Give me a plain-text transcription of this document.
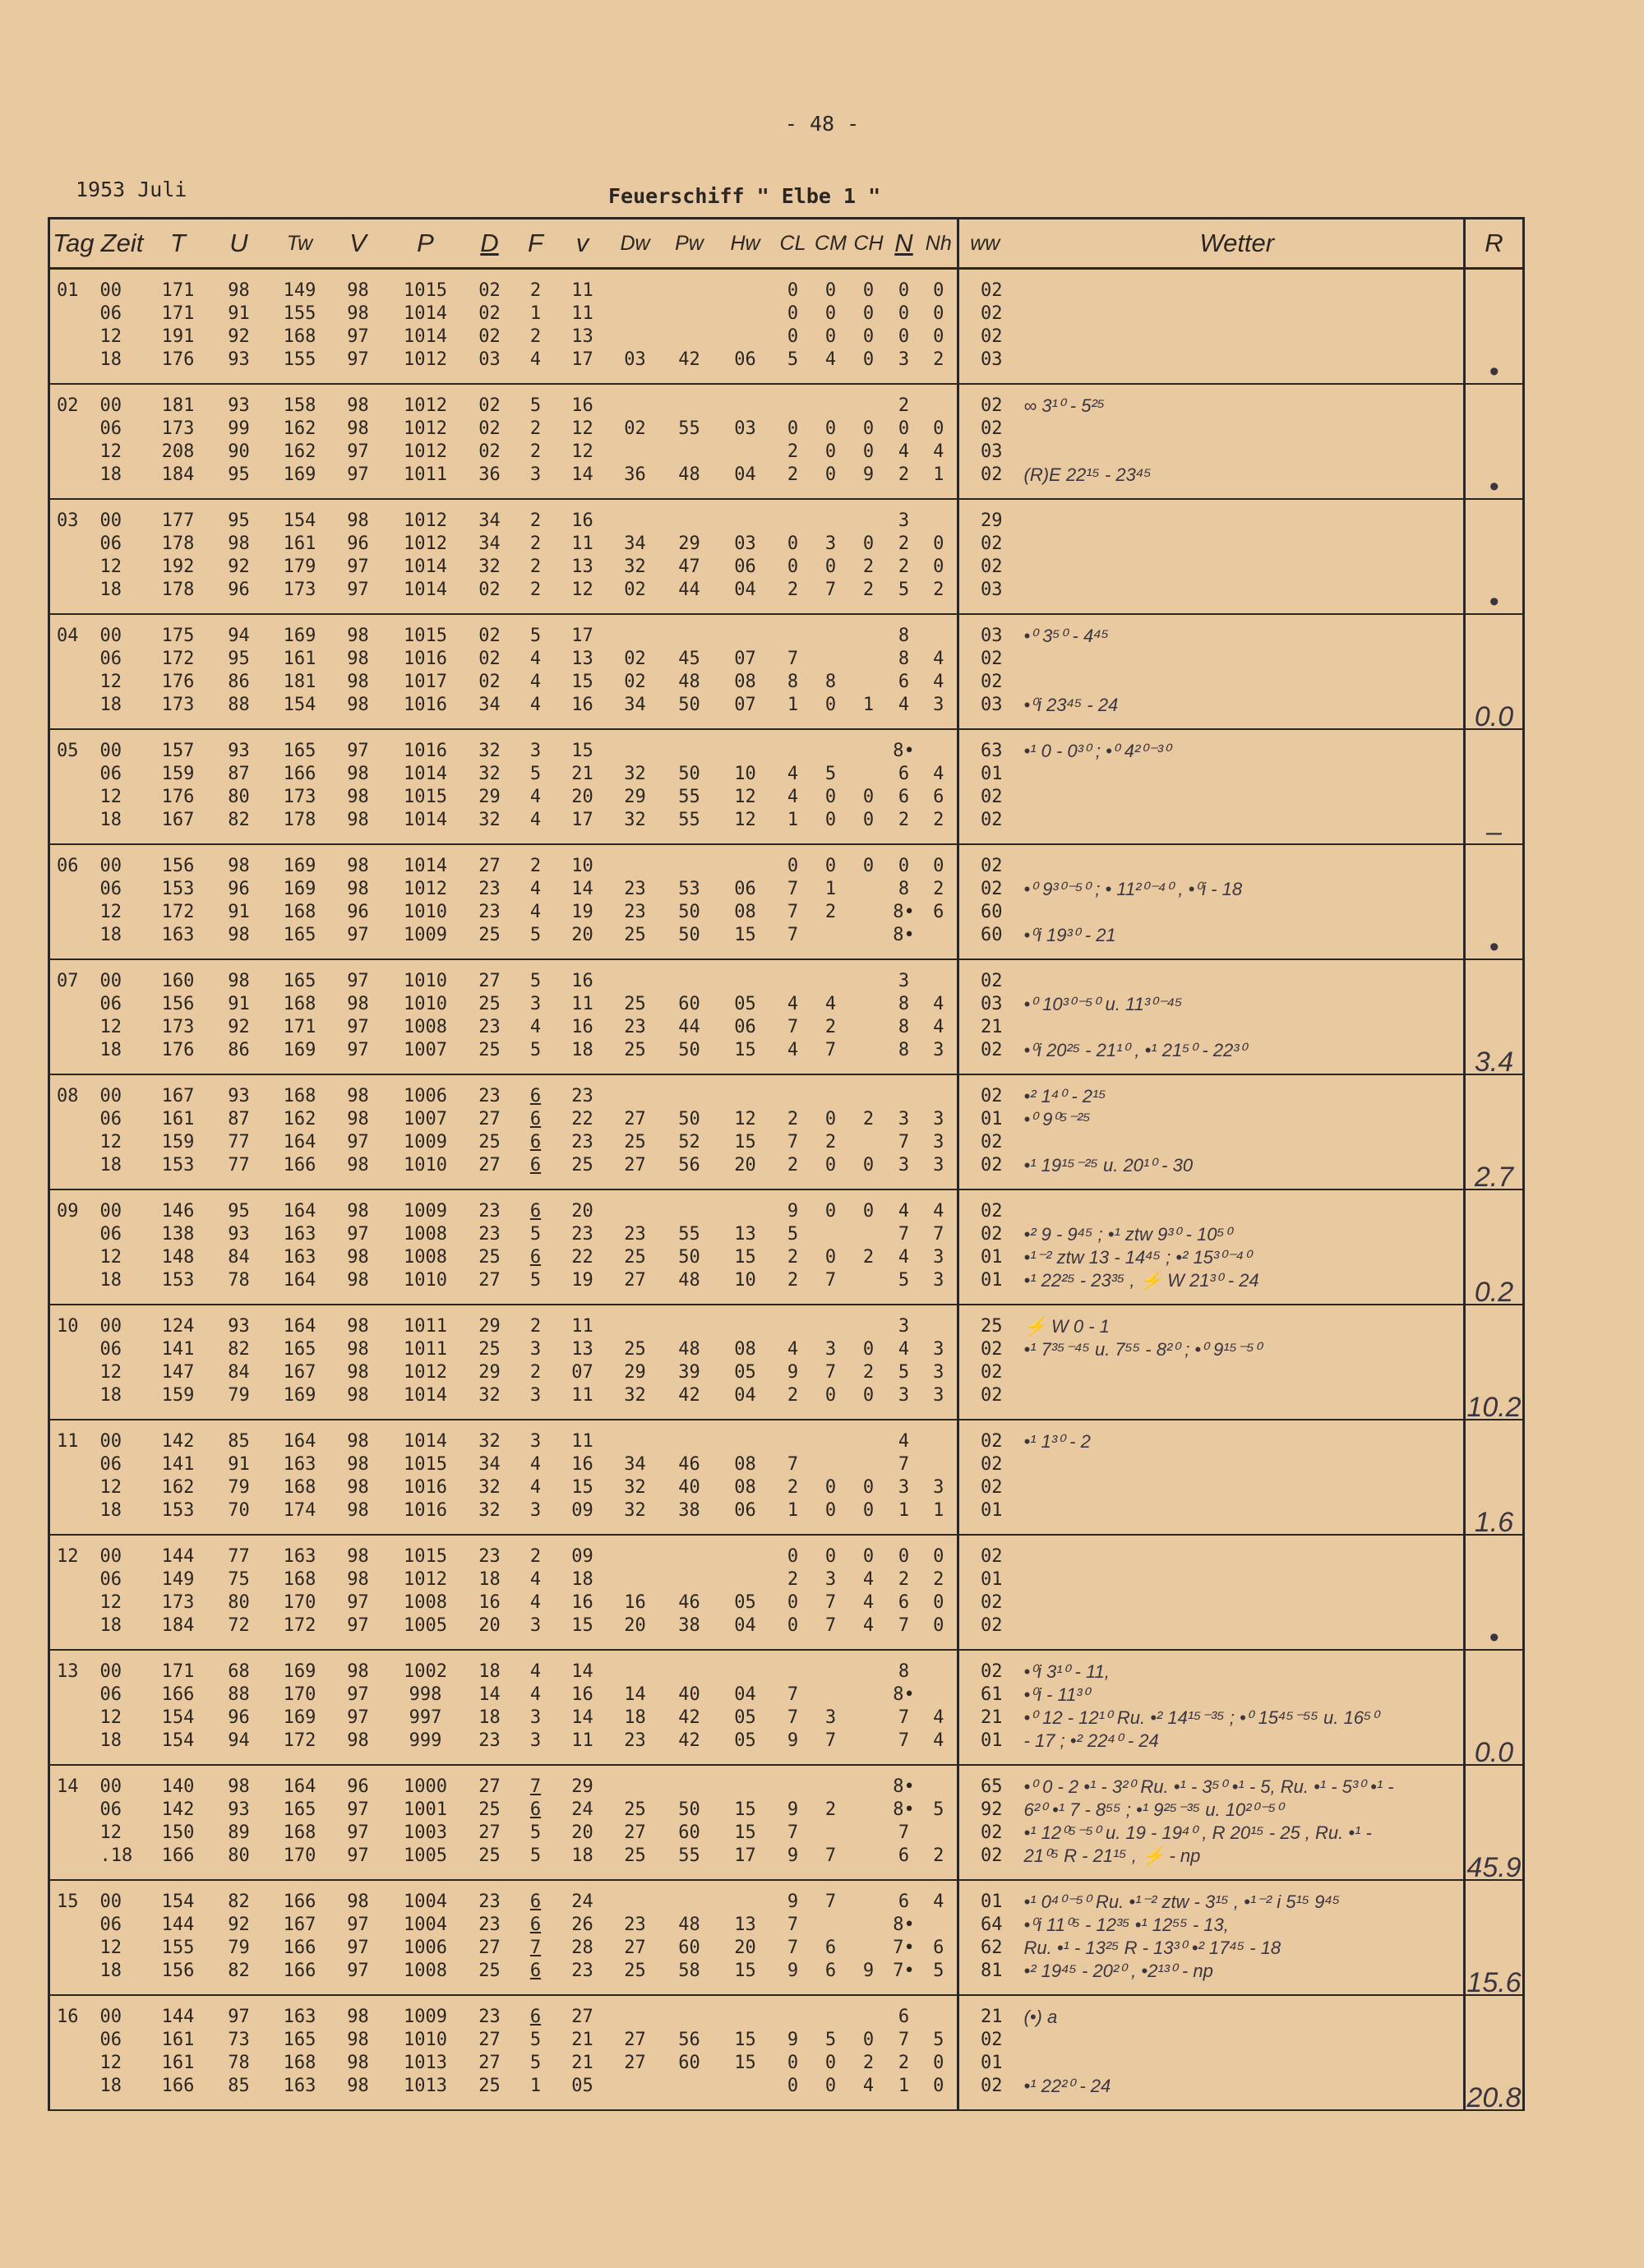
- 48 -
1953 Juli	Feuerschiff " Elbe 1 "
Tag	Zeit	T	U	Tw	V	P	D	F	v	Dw	Pw	Hw	CL	CM	CH	N	Nh	ww	Wetter	R
01	00	171	98	149	98	1015	02	2	11				0	0	0	0	0	02		•
	06	171	91	155	98	1014	02	1	11				0	0	0	0	0	02		
	12	191	92	168	97	1014	02	2	13				0	0	0	0	0	02		
	18	176	93	155	97	1012	03	4	17	03	42	06	5	4	0	3	2	03		
02	00	181	93	158	98	1012	02	5	16							2		02	∞ 3¹⁰ - 5²⁵	•
	06	173	99	162	98	1012	02	2	12	02	55	03	0	0	0	0	0	02		
	12	208	90	162	97	1012	02	2	12				2	0	0	4	4	03		
	18	184	95	169	97	1011	36	3	14	36	48	04	2	0	9	2	1	02	(R)E 22¹⁵ - 23⁴⁵	
03	00	177	95	154	98	1012	34	2	16							3		29		•
	06	178	98	161	96	1012	34	2	11	34	29	03	0	3	0	2	0	02		
	12	192	92	179	97	1014	32	2	13	32	47	06	0	0	2	2	0	02		
	18	178	96	173	97	1014	02	2	12	02	44	04	2	7	2	5	2	03		
04	00	175	94	169	98	1015	02	5	17							8		03	•⁰ 3⁵⁰ - 4⁴⁵	0.0
	06	172	95	161	98	1016	02	4	13	02	45	07	7			8	4	02		
	12	176	86	181	98	1017	02	4	15	02	48	08	8	8		6	4	02		
	18	173	88	154	98	1016	34	4	16	34	50	07	1	0	1	4	3	03	•⁰i 23⁴⁵ - 24	
05	00	157	93	165	97	1016	32	3	15							8•		63	•¹ 0 - 0³⁰ ; •⁰ 4²⁰⁻³⁰	–
	06	159	87	166	98	1014	32	5	21	32	50	10	4	5		6	4	01		
	12	176	80	173	98	1015	29	4	20	29	55	12	4	0	0	6	6	02		
	18	167	82	178	98	1014	32	4	17	32	55	12	1	0	0	2	2	02		
06	00	156	98	169	98	1014	27	2	10				0	0	0	0	0	02		•
	06	153	96	169	98	1012	23	4	14	23	53	06	7	1		8	2	02	•⁰ 9³⁰⁻⁵⁰ ; • 11²⁰⁻⁴⁰ , •⁰i - 18	
	12	172	91	168	96	1010	23	4	19	23	50	08	7	2		8•	6	60		
	18	163	98	165	97	1009	25	5	20	25	50	15	7			8•		60	•⁰i 19³⁰ - 21	
07	00	160	98	165	97	1010	27	5	16							3		02		3.4
	06	156	91	168	98	1010	25	3	11	25	60	05	4	4		8	4	03	•⁰ 10³⁰⁻⁵⁰ u. 11³⁰⁻⁴⁵	
	12	173	92	171	97	1008	23	4	16	23	44	06	7	2		8	4	21		
	18	176	86	169	97	1007	25	5	18	25	50	15	4	7		8	3	02	•⁰i 20²⁵ - 21¹⁰ , •¹ 21⁵⁰ - 22³⁰	
08	00	167	93	168	98	1006	23	6	23									02	•² 1⁴⁰ - 2¹⁵	2.7
	06	161	87	162	98	1007	27	6	22	27	50	12	2	0	2	3	3	01	•⁰ 9⁰⁵⁻²⁵	
	12	159	77	164	97	1009	25	6	23	25	52	15	7	2		7	3	02		
	18	153	77	166	98	1010	27	6	25	27	56	20	2	0	0	3	3	02	•¹ 19¹⁵⁻²⁵ u. 20¹⁰ - 30	
09	00	146	95	164	98	1009	23	6	20				9	0	0	4	4	02		0.2
	06	138	93	163	97	1008	23	5	23	23	55	13	5			7	7	02	•² 9 - 9⁴⁵ ; •¹ ztw 9³⁰ - 10⁵⁰	
	12	148	84	163	98	1008	25	6	22	25	50	15	2	0	2	4	3	01	•¹⁻² ztw 13 - 14⁴⁵ ; •² 15³⁰⁻⁴⁰	
	18	153	78	164	98	1010	27	5	19	27	48	10	2	7		5	3	01	•¹ 22²⁵ - 23³⁵ , ⚡ W 21³⁰ - 24	
10	00	124	93	164	98	1011	29	2	11							3		25	⚡ W 0 - 1	10.2
	06	141	82	165	98	1011	25	3	13	25	48	08	4	3	0	4	3	02	•¹ 7³⁵⁻⁴⁵ u. 7⁵⁵ - 8²⁰ ; •⁰ 9¹⁵⁻⁵⁰	
	12	147	84	167	98	1012	29	2	07	29	39	05	9	7	2	5	3	02		
	18	159	79	169	98	1014	32	3	11	32	42	04	2	0	0	3	3	02		
11	00	142	85	164	98	1014	32	3	11							4		02	•¹ 1³⁰ - 2	1.6
	06	141	91	163	98	1015	34	4	16	34	46	08	7			7		02		
	12	162	79	168	98	1016	32	4	15	32	40	08	2	0	0	3	3	02		
	18	153	70	174	98	1016	32	3	09	32	38	06	1	0	0	1	1	01		
12	00	144	77	163	98	1015	23	2	09				0	0	0	0	0	02		•
	06	149	75	168	98	1012	18	4	18				2	3	4	2	2	01		
	12	173	80	170	97	1008	16	4	16	16	46	05	0	7	4	6	0	02		
	18	184	72	172	97	1005	20	3	15	20	38	04	0	7	4	7	0	02		
13	00	171	68	169	98	1002	18	4	14							8		02	•⁰i 3¹⁰ - 11,	0.0
	06	166	88	170	97	998	14	4	16	14	40	04	7			8•		61	•⁰i - 11³⁰	
	12	154	96	169	97	997	18	3	14	18	42	05	7	3		7	4	21	•⁰ 12 - 12¹⁰ Ru. •² 14¹⁵⁻³⁵ ; •⁰ 15⁴⁵⁻⁵⁵ u. 16⁵⁰	
	18	154	94	172	98	999	23	3	11	23	42	05	9	7		7	4	01	- 17 ; •² 22⁴⁰ - 24	
14	00	140	98	164	96	1000	27	7	29							8•		65	•⁰ 0 - 2 •¹ - 3²⁰ Ru. •¹ - 3⁵⁰ •¹ - 5, Ru. •¹ - 5³⁰ •¹ -	45.9
	06	142	93	165	97	1001	25	6	24	25	50	15	9	2		8•	5	92	6²⁰ •¹ 7 - 8⁵⁵ ; •¹ 9²⁵⁻³⁵ u. 10²⁰⁻⁵⁰	
	12	150	89	168	97	1003	27	5	20	27	60	15	7			7		02	•¹ 12⁰⁵⁻⁵⁰ u. 19 - 19⁴⁰ , R 20¹⁵ - 25 , Ru. •¹ -	
	.18	166	80	170	97	1005	25	5	18	25	55	17	9	7		6	2	02	21⁰⁵ R - 21¹⁵ , ⚡ - np	
15	00	154	82	166	98	1004	23	6	24				9	7		6	4	01	•¹ 0⁴⁰⁻⁵⁰ Ru. •¹⁻² ztw - 3¹⁵ , •¹⁻² i 5¹⁵ 9⁴⁵	15.6
	06	144	92	167	97	1004	23	6	26	23	48	13	7			8•		64	•⁰i 11⁰⁵ - 12³⁵ •¹ 12⁵⁵ - 13,	
	12	155	79	166	97	1006	27	7	28	27	60	20	7	6		7•	6	62	Ru. •¹ - 13²⁵ R - 13³⁰ •² 17⁴⁵ - 18	
	18	156	82	166	97	1008	25	6	23	25	58	15	9	6	9	7•	5	81	•² 19⁴⁵ - 20²⁰ , •2¹³⁰ - np	
16	00	144	97	163	98	1009	23	6	27							6		21	(•) a	20.8
	06	161	73	165	98	1010	27	5	21	27	56	15	9	5	0	7	5	02		
	12	161	78	168	98	1013	27	5	21	27	60	15	0	0	2	2	0	01		
	18	166	85	163	98	1013	25	1	05				0	0	4	1	0	02	•¹ 22²⁰ - 24	
